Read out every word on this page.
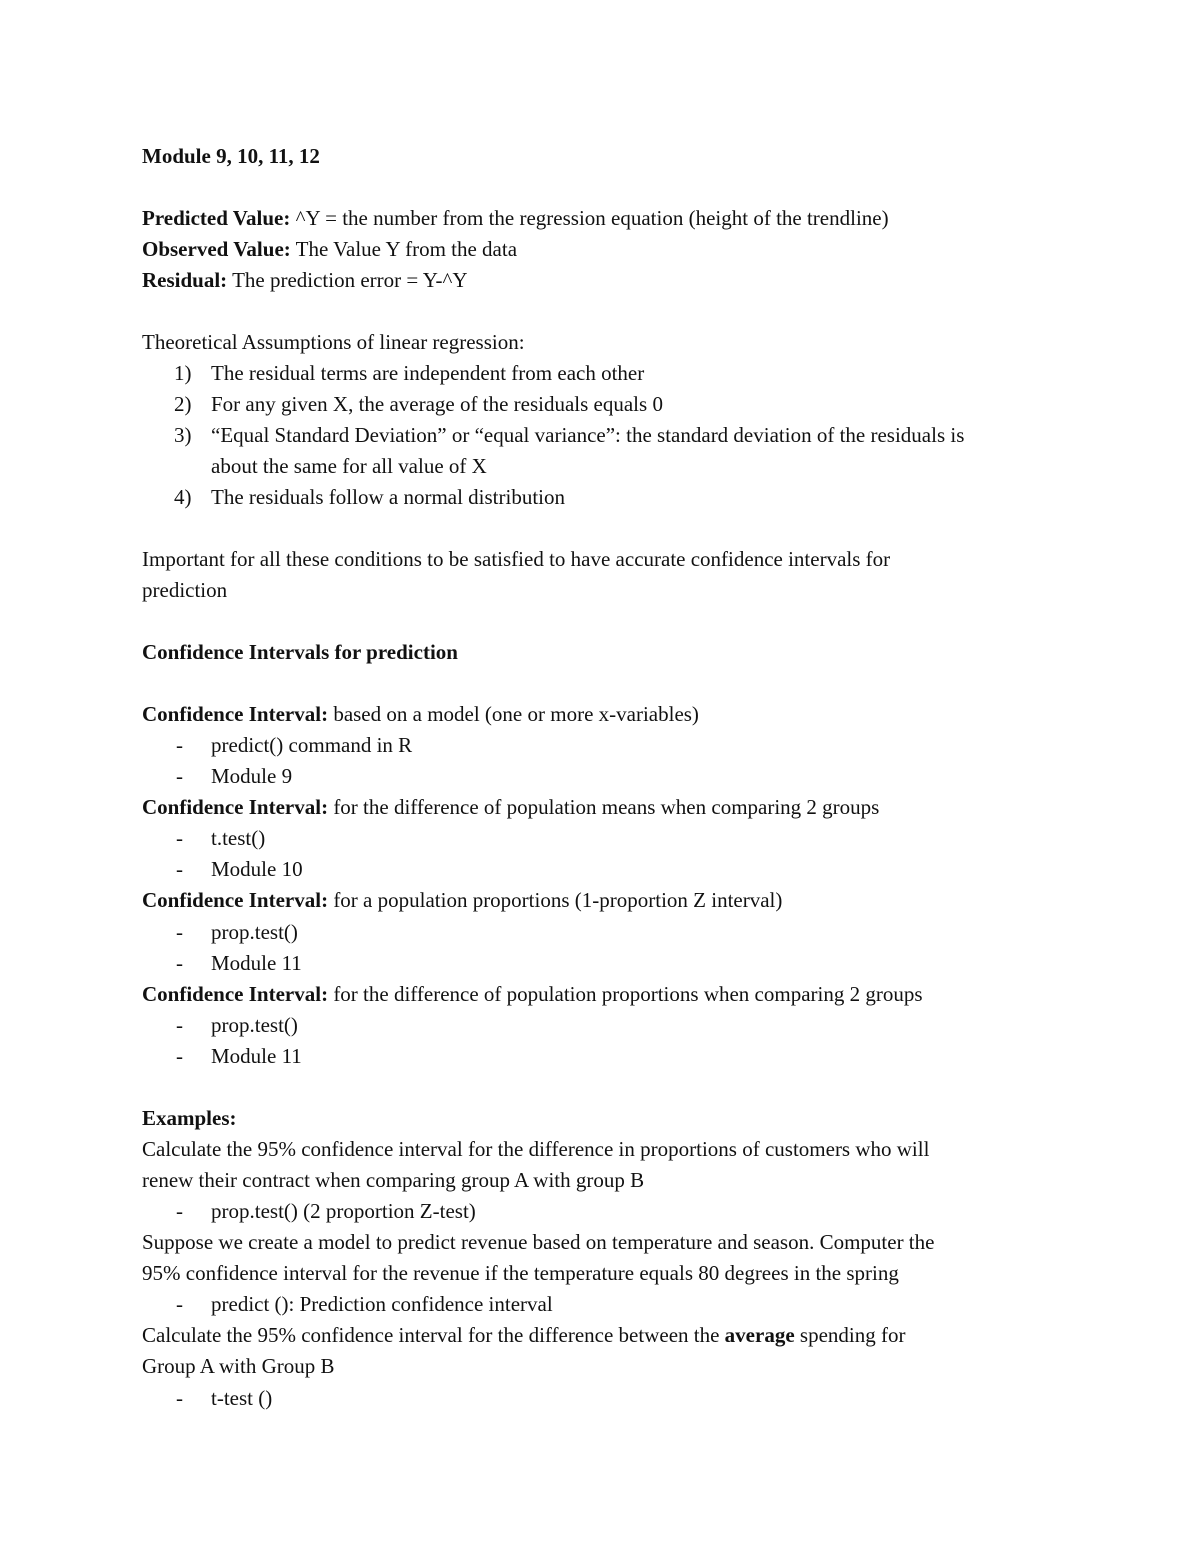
Module 9, 10, 11, 12
Predicted Value: ^Y = the number from the regression equation (height of the trendline)
Observed Value: The Value Y from the data
Residual: The prediction error = Y-^Y
Theoretical Assumptions of linear regression:
1) The residual terms are independent from each other
2) For any given X, the average of the residuals equals 0
3) “Equal Standard Deviation” or “equal variance”: the standard deviation of the residuals is
about the same for all value of X
4) The residuals follow a normal distribution
Important for all these conditions to be satisfied to have accurate confidence intervals for
prediction
Confidence Intervals for prediction
Confidence Interval: based on a model (one or more x-variables)
- predict() command in R
- Module 9
Confidence Interval: for the difference of population means when comparing 2 groups
- t.test()
- Module 10
Confidence Interval: for a population proportions (1-proportion Z interval)
- prop.test()
- Module 11
Confidence Interval: for the difference of population proportions when comparing 2 groups
- prop.test()
- Module 11
Examples:
Calculate the 95% confidence interval for the difference in proportions of customers who will
renew their contract when comparing group A with group B
- prop.test() (2 proportion Z-test)
Suppose we create a model to predict revenue based on temperature and season. Computer the
95% confidence interval for the revenue if the temperature equals 80 degrees in the spring
- predict (): Prediction confidence interval
Calculate the 95% confidence interval for the difference between the average spending for
Group A with Group B
- t-test ()
